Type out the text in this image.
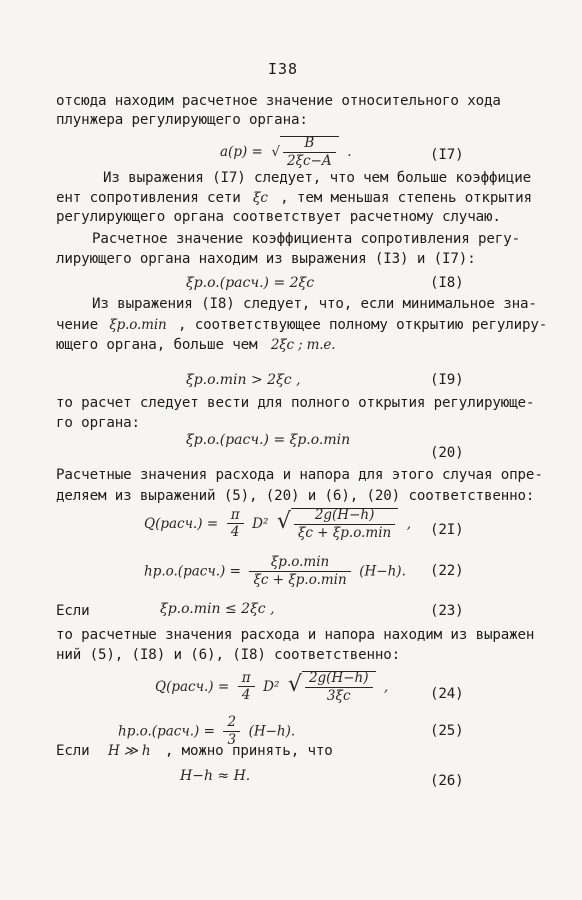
I38
отсюда находим расчетное значение относительного хода
плунжера регулирующего органа:
a(p) = √ $\frac{B}{2\xi c-A}$ .	(I7)
Из выражения (I7) следует, что чем больше коэффицие
ент сопротивления сети ξc , тем меньшая степень открытия
регулирующего органа соответствует расчетному случаю.
Расчетное значение коэффициента сопротивления регу-
лирующего органа находим из выражения (I3) и (I7):
ξp.o.(расч.) = 2ξc	(I8)
Из выражения (I8) следует, что, если минимальное зна-
чение ξp.o.min , соответствующее полному открытию регулиру-
ющего органа, больше чем 2ξc ; т.е.
ξp.o.min > 2ξc ,	(I9)
то расчет следует вести для полного открытия регулирующе-
го органа:
ξp.o.(расч.) = ξp.o.min
(20)
Расчетные значения расхода и напора для этого случая опре-
деляем из выражений (5), (20) и (6), (20) соответственно:
Q(расч.) = $\frac{\pi}{4} D^2$ √ $\frac{2g(H-h)}{\xi c + \xi p.o.\min}$ , (2I)
hp.o.(расч.) = $\frac{\xi p.o.\min}{\xi c + \xi p.o.\min} (H-h)$. (22)
Если	ξp.o.min ≤ 2ξc ,	(23)
то расчетные значения расхода и напора находим из выражен
ний (5), (I8) и (6), (I8) соответственно:
Q(расч.) = $\frac{\pi}{4} D^2$ √ $\frac{2g(H-h)}{3\xi c}$ ,	(24)
hp.o.(расч.) = $\frac{2}{3} (H-h)$.	(25)
Если H ≫ h , можно принять, что
H−h ≈ H.	(26)
